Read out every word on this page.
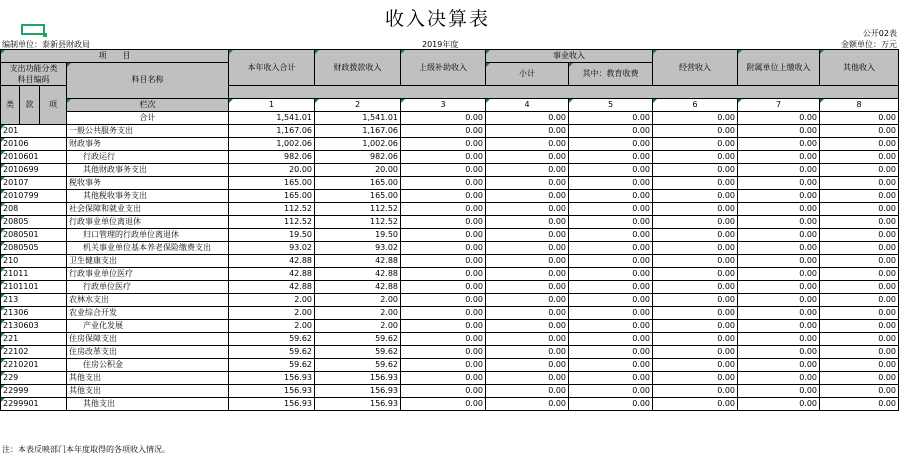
收入决算表
公开02表
编制单位：泰新县财政局	2019年度	金额单位：万元
项　　目				本年收入合计	财政拨款收入	上级补助收入	事业收入		经营收入	附属单位上缴收入	其他收入
支出功能分类
科目编码			科目名称				小计	其中：教育收费			

类	款	项									
			栏次	1	2	3	4	5	6	7	8
			合计	1,541.01	1,541.01	0.00	0.00	0.00	0.00	0.00	0.00
201			一般公共服务支出	1,167.06	1,167.06	0.00	0.00	0.00	0.00	0.00	0.00
20106			财政事务	1,002.06	1,002.06	0.00	0.00	0.00	0.00	0.00	0.00
2010601			行政运行	982.06	982.06	0.00	0.00	0.00	0.00	0.00	0.00
2010699			其他财政事务支出	20.00	20.00	0.00	0.00	0.00	0.00	0.00	0.00
20107			税收事务	165.00	165.00	0.00	0.00	0.00	0.00	0.00	0.00
2010799			其他税收事务支出	165.00	165.00	0.00	0.00	0.00	0.00	0.00	0.00
208			社会保障和就业支出	112.52	112.52	0.00	0.00	0.00	0.00	0.00	0.00
20805			行政事业单位离退休	112.52	112.52	0.00	0.00	0.00	0.00	0.00	0.00
2080501			归口管理的行政单位离退休	19.50	19.50	0.00	0.00	0.00	0.00	0.00	0.00
2080505			机关事业单位基本养老保险缴费支出	93.02	93.02	0.00	0.00	0.00	0.00	0.00	0.00
210			卫生健康支出	42.88	42.88	0.00	0.00	0.00	0.00	0.00	0.00
21011			行政事业单位医疗	42.88	42.88	0.00	0.00	0.00	0.00	0.00	0.00
2101101			行政单位医疗	42.88	42.88	0.00	0.00	0.00	0.00	0.00	0.00
213			农林水支出	2.00	2.00	0.00	0.00	0.00	0.00	0.00	0.00
21306			农业综合开发	2.00	2.00	0.00	0.00	0.00	0.00	0.00	0.00
2130603			产业化发展	2.00	2.00	0.00	0.00	0.00	0.00	0.00	0.00
221			住房保障支出	59.62	59.62	0.00	0.00	0.00	0.00	0.00	0.00
22102			住房改革支出	59.62	59.62	0.00	0.00	0.00	0.00	0.00	0.00
2210201			住房公积金	59.62	59.62	0.00	0.00	0.00	0.00	0.00	0.00
229			其他支出	156.93	156.93	0.00	0.00	0.00	0.00	0.00	0.00
22999			其他支出	156.93	156.93	0.00	0.00	0.00	0.00	0.00	0.00
2299901			其他支出	156.93	156.93	0.00	0.00	0.00	0.00	0.00	0.00
注：本表反映部门本年度取得的各项收入情况。
